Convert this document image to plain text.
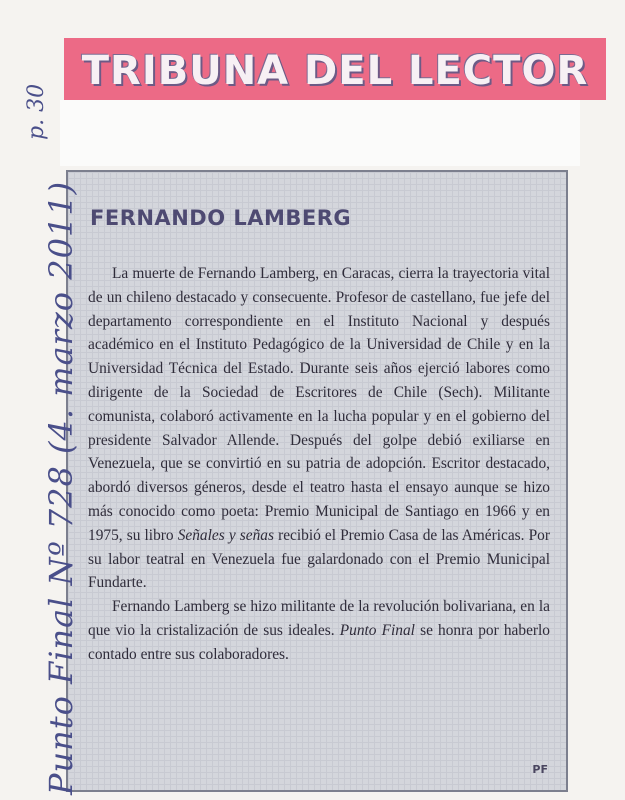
TRIBUNA DEL LECTOR
FERNANDO LAMBERG

La muerte de Fernando Lamberg, en Caracas, cierra la trayectoria vital de un chileno destacado y consecuente. Profesor de castellano, fue jefe del departamento correspondiente en el Instituto Nacional y después académico en el Instituto Pedagógico de la Universidad de Chile y en la Universidad Técnica del Estado. Durante seis años ejerció labores como dirigente de la Sociedad de Escritores de Chile (Sech). Militante comunista, colaboró activamente en la lucha popular y en el gobierno del presidente Salvador Allende. Después del golpe debió exiliarse en Venezuela, que se convirtió en su patria de adopción. Escritor destacado, abordó diversos géneros, desde el teatro hasta el ensayo aunque se hizo más conocido como poeta: Premio Municipal de Santiago en 1966 y en 1975, su libro Señales y señas recibió el Premio Casa de las Américas. Por su labor teatral en Venezuela fue galardonado con el Premio Municipal Fundarte.

Fernando Lamberg se hizo militante de la revolución bolivariana, en la que vio la cristalización de sus ideales. Punto Final se honra por haberlo contado entre sus colaboradores.

PF
Punto Final Nº 728 (4. marzo 2011)
p. 30
